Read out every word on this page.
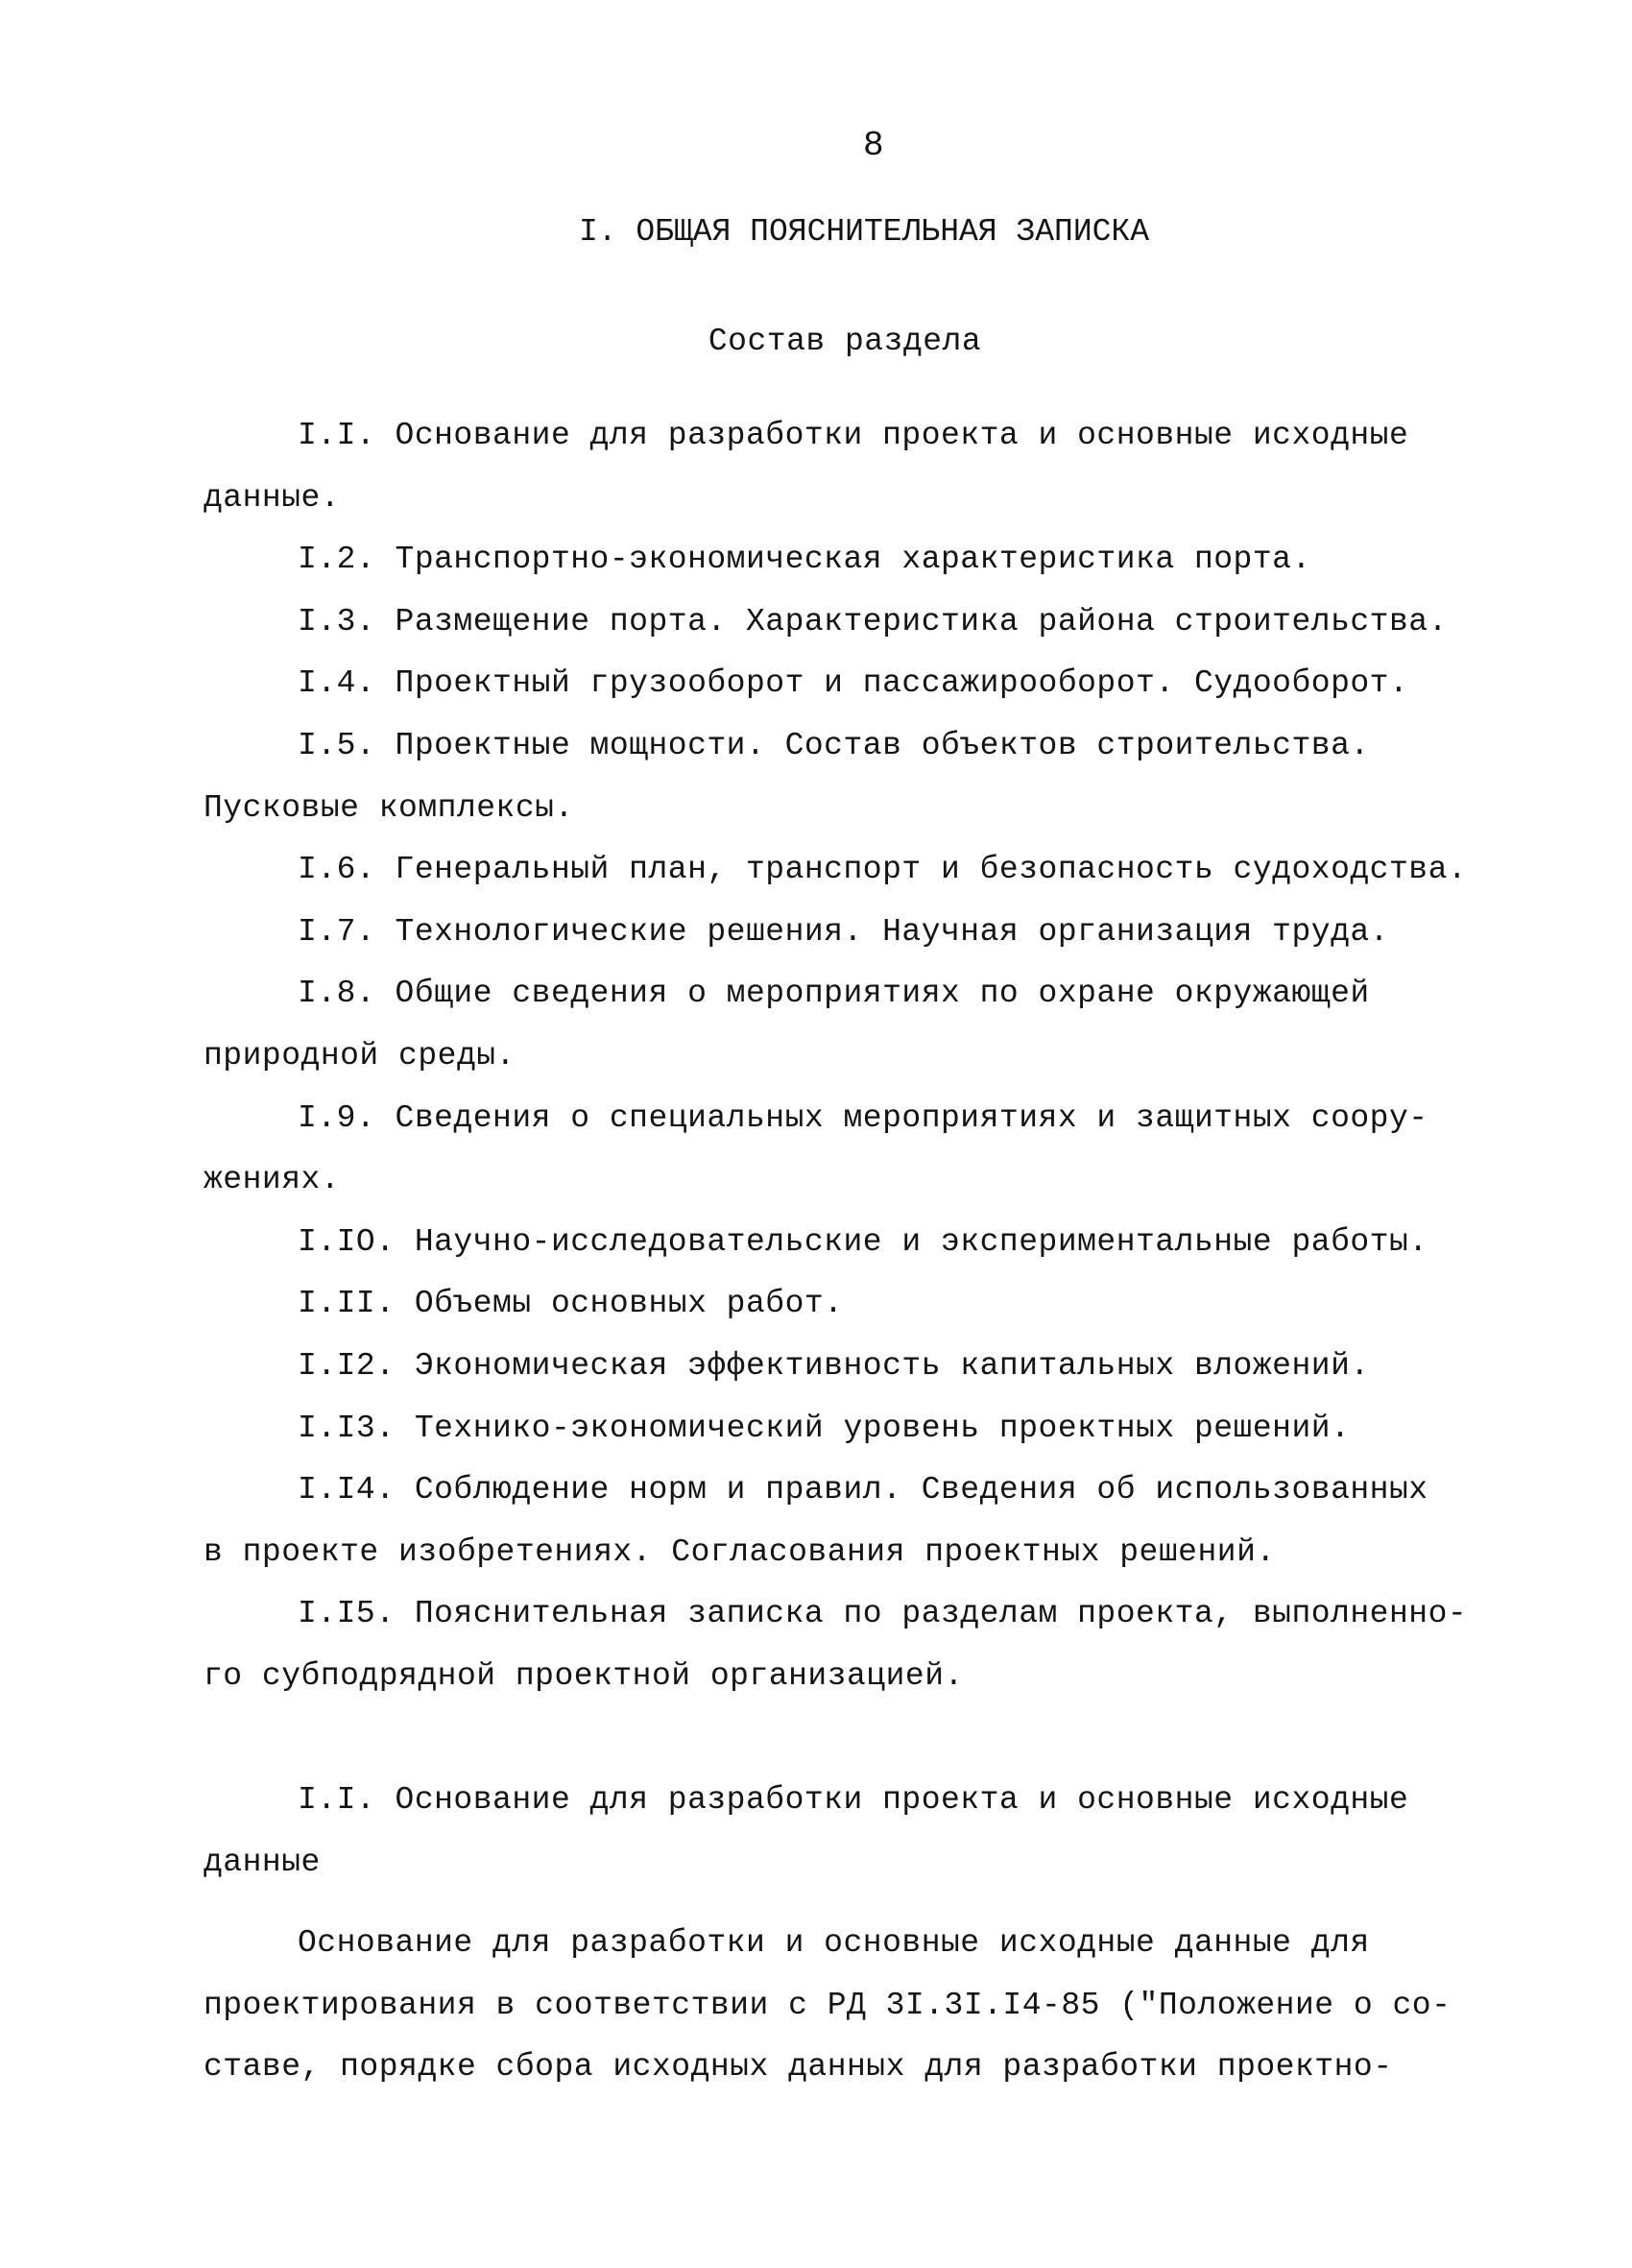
8
I. ОБЩАЯ ПОЯСНИТЕЛЬНАЯ ЗАПИСКА
Состав раздела
I.I. Основание для разработки проекта и основные исходные
данные.
I.2. Транспортно-экономическая характеристика порта.
I.3. Размещение порта. Характеристика района строительства.
I.4. Проектный грузооборот и пассажирооборот. Судооборот.
I.5. Проектные мощности. Состав объектов строительства.
Пусковые комплексы.
I.6. Генеральный план, транспорт и безопасность судоходства.
I.7. Технологические решения. Научная организация труда.
I.8. Общие сведения о мероприятиях по охране окружающей
природной среды.
I.9. Сведения о специальных мероприятиях и защитных соору-
жениях.
I.IO. Научно-исследовательские и экспериментальные работы.
I.II. Объемы основных работ.
I.I2. Экономическая эффективность капитальных вложений.
I.I3. Технико-экономический уровень проектных решений.
I.I4. Соблюдение норм и правил. Сведения об использованных
в проекте изобретениях. Согласования проектных решений.
I.I5. Пояснительная записка по разделам проекта, выполненно-
го субподрядной проектной организацией.
I.I. Основание для разработки проекта и основные исходные
данные
Основание для разработки и основные исходные данные для
проектирования в соответствии с РД 3I.3I.I4-85 ("Положение о со-
ставе, порядке сбора исходных данных для разработки проектно-
